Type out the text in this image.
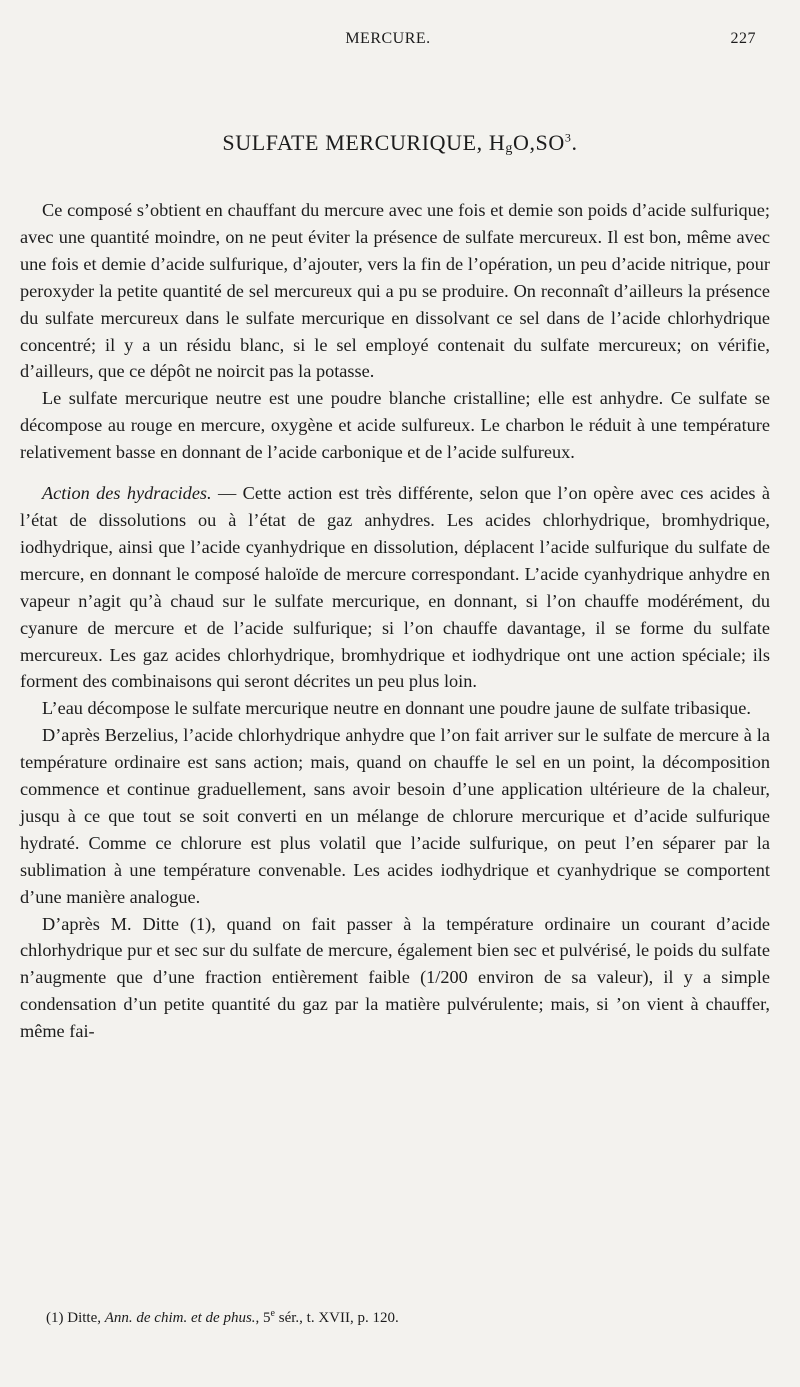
MERCURE.	227
SULFATE MERCURIQUE, $H_gO,SO^3$.

Ce composé s’obtient en chauffant du mercure avec une fois et demie son poids d’acide sulfurique; avec une quantité moindre, on ne peut éviter la présence de sulfate mercureux. Il est bon, même avec une fois et demie d’acide sulfurique, d’ajouter, vers la fin de l’opération, un peu d’acide nitrique, pour peroxyder la petite quantité de sel mercureux qui a pu se produire. On reconnaît d’ailleurs la présence du sulfate mercureux dans le sulfate mercurique en dissolvant ce sel dans de l’acide chlorhydrique concentré; il y a un résidu blanc, si le sel employé contenait du sulfate mercureux; on vérifie, d’ailleurs, que ce dépôt ne noircit pas la potasse.

Le sulfate mercurique neutre est une poudre blanche cristalline; elle est anhydre. Ce sulfate se décompose au rouge en mercure, oxygène et acide sulfureux. Le charbon le réduit à une température relativement basse en donnant de l’acide carbonique et de l’acide sulfureux.

Action des hydracides. — Cette action est très différente, selon que l’on opère avec ces acides à l’état de dissolutions ou à l’état de gaz anhydres. Les acides chlorhydrique, bromhydrique, iodhydrique, ainsi que l’acide cyanhydrique en dissolution, déplacent l’acide sulfurique du sulfate de mercure, en donnant le composé haloïde de mercure correspondant. L’acide cyanhydrique anhydre en vapeur n’agit qu’à chaud sur le sulfate mercurique, en donnant, si l’on chauffe modérément, du cyanure de mercure et de l’acide sulfurique; si l’on chauffe davantage, il se forme du sulfate mercureux. Les gaz acides chlorhydrique, bromhydrique et iodhydrique ont une action spéciale; ils forment des combinaisons qui seront décrites un peu plus loin.

L’eau décompose le sulfate mercurique neutre en donnant une poudre jaune de sulfate tribasique.

D’après Berzelius, l’acide chlorhydrique anhydre que l’on fait arriver sur le sulfate de mercure à la température ordinaire est sans action; mais, quand on chauffe le sel en un point, la décomposition commence et continue graduellement, sans avoir besoin d’une application ultérieure de la chaleur, jusqu à ce que tout se soit converti en un mélange de chlorure mercurique et d’acide sulfurique hydraté. Comme ce chlorure est plus volatil que l’acide sulfurique, on peut l’en séparer par la sublimation à une température convenable. Les acides iodhydrique et cyanhydrique se comportent d’une manière analogue.

D’après M. Ditte (1), quand on fait passer à la température ordinaire un courant d’acide chlorhydrique pur et sec sur du sulfate de mercure, également bien sec et pulvérisé, le poids du sulfate n’augmente que d’une fraction entièrement faible (1/200 environ de sa valeur), il y a simple condensation d’un petite quantité du gaz par la matière pulvérulente; mais, si ’on vient à chauffer, même fai-

(1) Ditte, Ann. de chim. et de phus., 5e sér., t. XVII, p. 120.
